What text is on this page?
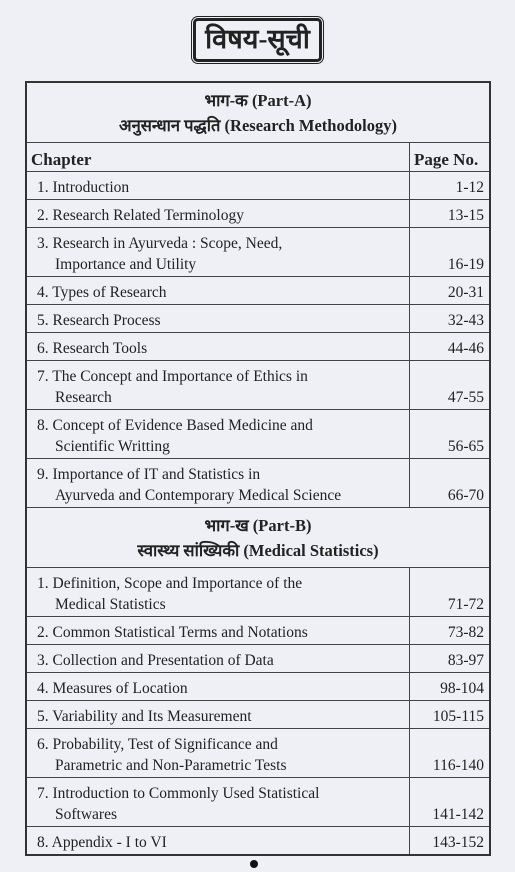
विषय-सूची
भाग-क (Part-A)
अनुसन्धान पद्धति (Research Methodology)	

Chapter	Page No.

1. Introduction	1-12

2. Research Related Terminology	13-15

3. Research in Ayurveda : Scope, Need,
Importance and Utility	16-19

4. Types of Research	20-31

5. Research Process	32-43

6. Research Tools	44-46

7. The Concept and Importance of Ethics in
Research	47-55

8. Concept of Evidence Based Medicine and
Scientific Writting	56-65

9. Importance of IT and Statistics in
Ayurveda and Contemporary Medical Science	66-70

भाग-ख (Part-B)
स्वास्थ्य सांख्यिकी (Medical Statistics)	

1. Definition, Scope and Importance of the
Medical Statistics	71-72

2. Common Statistical Terms and Notations	73-82

3. Collection and Presentation of Data	83-97

4. Measures of Location	98-104

5. Variability and Its Measurement	105-115

6. Probability, Test of Significance and
Parametric and Non-Parametric Tests	116-140

7. Introduction to Commonly Used Statistical
Softwares	141-142

8. Appendix - I to VI	143-152
